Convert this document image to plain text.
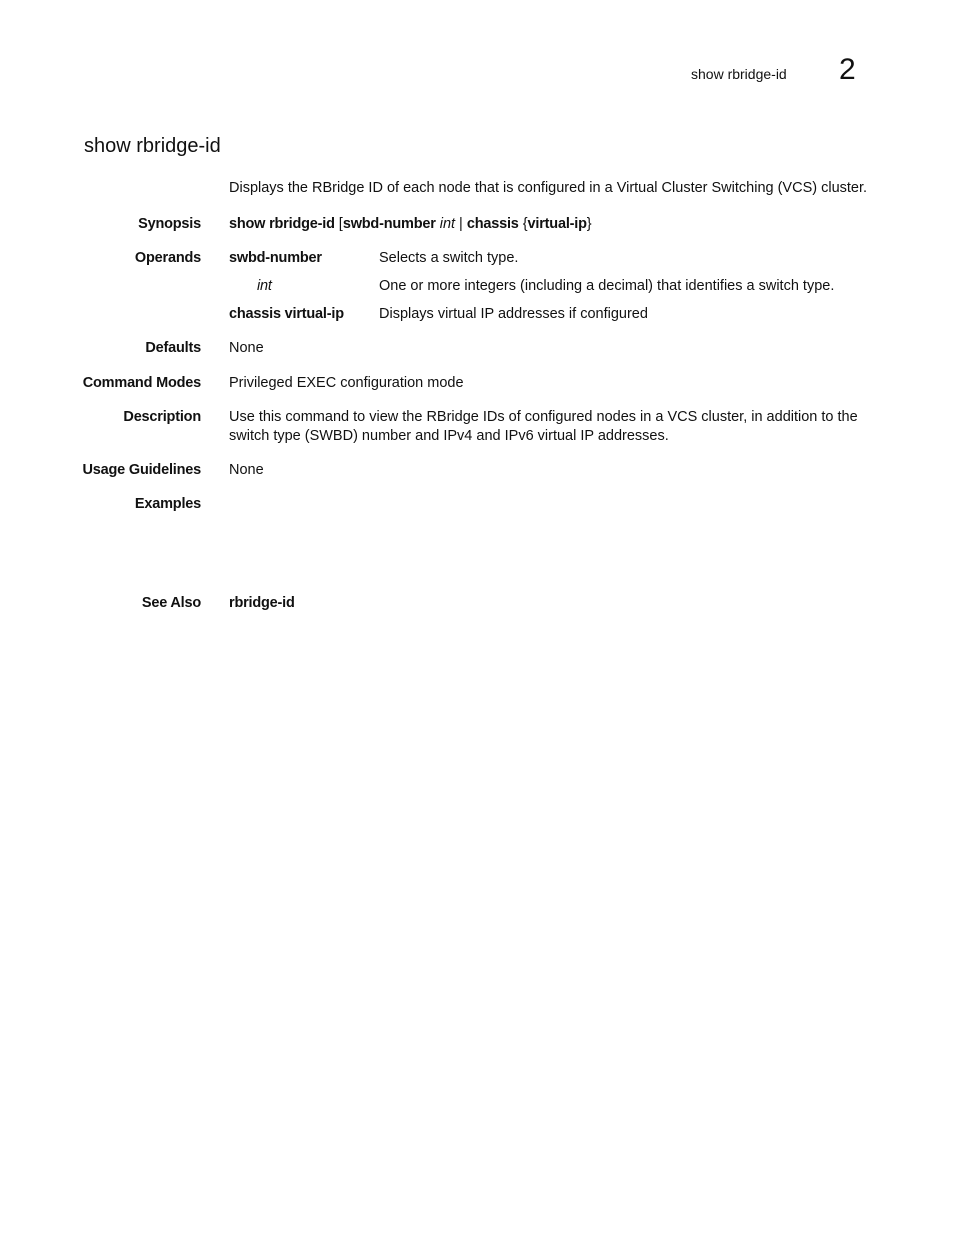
show rbridge-id 2
show rbridge-id
Displays the RBridge ID of each node that is configured in a Virtual Cluster Switching (VCS) cluster.
Synopsis show rbridge-id [swbd-number int | chassis {virtual-ip}
Operands swbd-number	Selects a switch type.
int	One or more integers (including a decimal) that identifies a switch type.
chassis virtual-ip Displays virtual IP addresses if configured
Defaults None
Command Modes Privileged EXEC configuration mode
Description Use this command to view the RBridge IDs of configured nodes in a VCS cluster, in addition to the switch type (SWBD) number and IPv4 and IPv6 virtual IP addresses.
Usage Guidelines None
Examples
See Also rbridge-id
